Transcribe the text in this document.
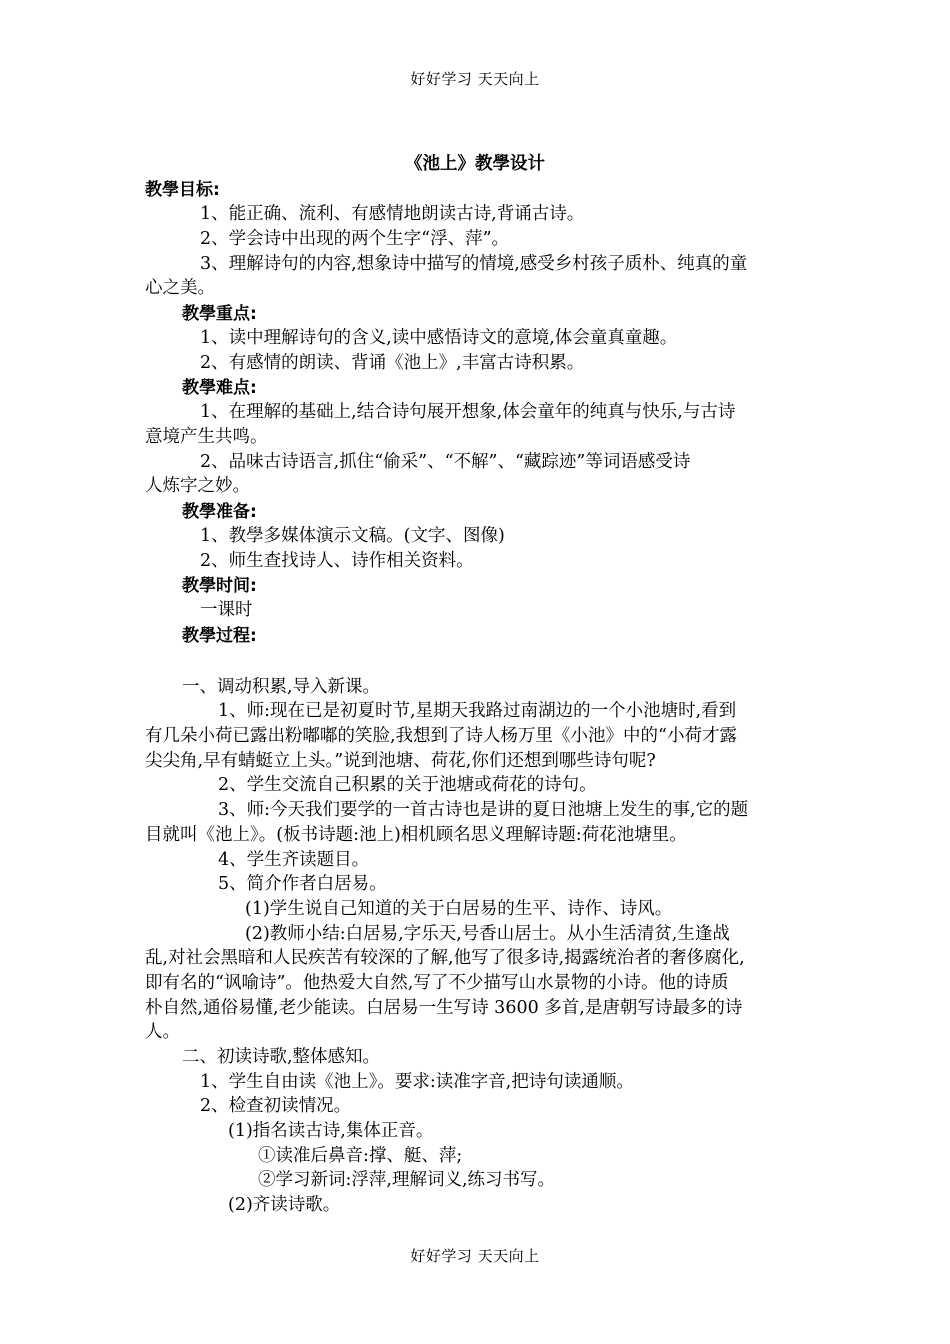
好好学习 天天向上
《池上》教學设计
教學目标:
1、能正确、流利、有感情地朗读古诗,背诵古诗。
2、学会诗中出现的两个生字“浮、萍”。
3、理解诗句的内容,想象诗中描写的情境,感受乡村孩子质朴、纯真的童
心之美。
教學重点:
1、读中理解诗句的含义,读中感悟诗文的意境,体会童真童趣。
2、有感情的朗读、背诵《池上》,丰富古诗积累。
教學难点:
1、在理解的基础上,结合诗句展开想象,体会童年的纯真与快乐,与古诗
意境产生共鸣。
2、品味古诗语言,抓住“偷采”、“不解”、“藏踪迹”等词语感受诗
人炼字之妙。
教學准备:
1、教學多媒体演示文稿。(文字、图像)
2、师生查找诗人、诗作相关资料。
教學时间:
一课时
教學过程:
一、调动积累,导入新课。
1、师:现在已是初夏时节,星期天我路过南湖边的一个小池塘时,看到
有几朵小荷已露出粉嘟嘟的笑脸,我想到了诗人杨万里《小池》中的“小荷才露
尖尖角,早有蜻蜓立上头。”说到池塘、荷花,你们还想到哪些诗句呢?
2、学生交流自己积累的关于池塘或荷花的诗句。
3、师:今天我们要学的一首古诗也是讲的夏日池塘上发生的事,它的题
目就叫《池上》。(板书诗题:池上)相机顾名思义理解诗题:荷花池塘里。
4、学生齐读题目。
5、简介作者白居易。
(1)学生说自己知道的关于白居易的生平、诗作、诗风。
(2)教师小结:白居易,字乐天,号香山居士。从小生活清贫,生逢战
乱,对社会黑暗和人民疾苦有较深的了解,他写了很多诗,揭露统治者的奢侈腐化,
即有名的“讽喻诗”。他热爱大自然,写了不少描写山水景物的小诗。他的诗质
朴自然,通俗易懂,老少能读。白居易一生写诗 3600 多首,是唐朝写诗最多的诗
人。
二、初读诗歌,整体感知。
1、学生自由读《池上》。要求:读准字音,把诗句读通顺。
2、检查初读情况。
(1)指名读古诗,集体正音。
①读准后鼻音:撑、艇、萍;
②学习新词:浮萍,理解词义,练习书写。
(2)齐读诗歌。
好好学习 天天向上
